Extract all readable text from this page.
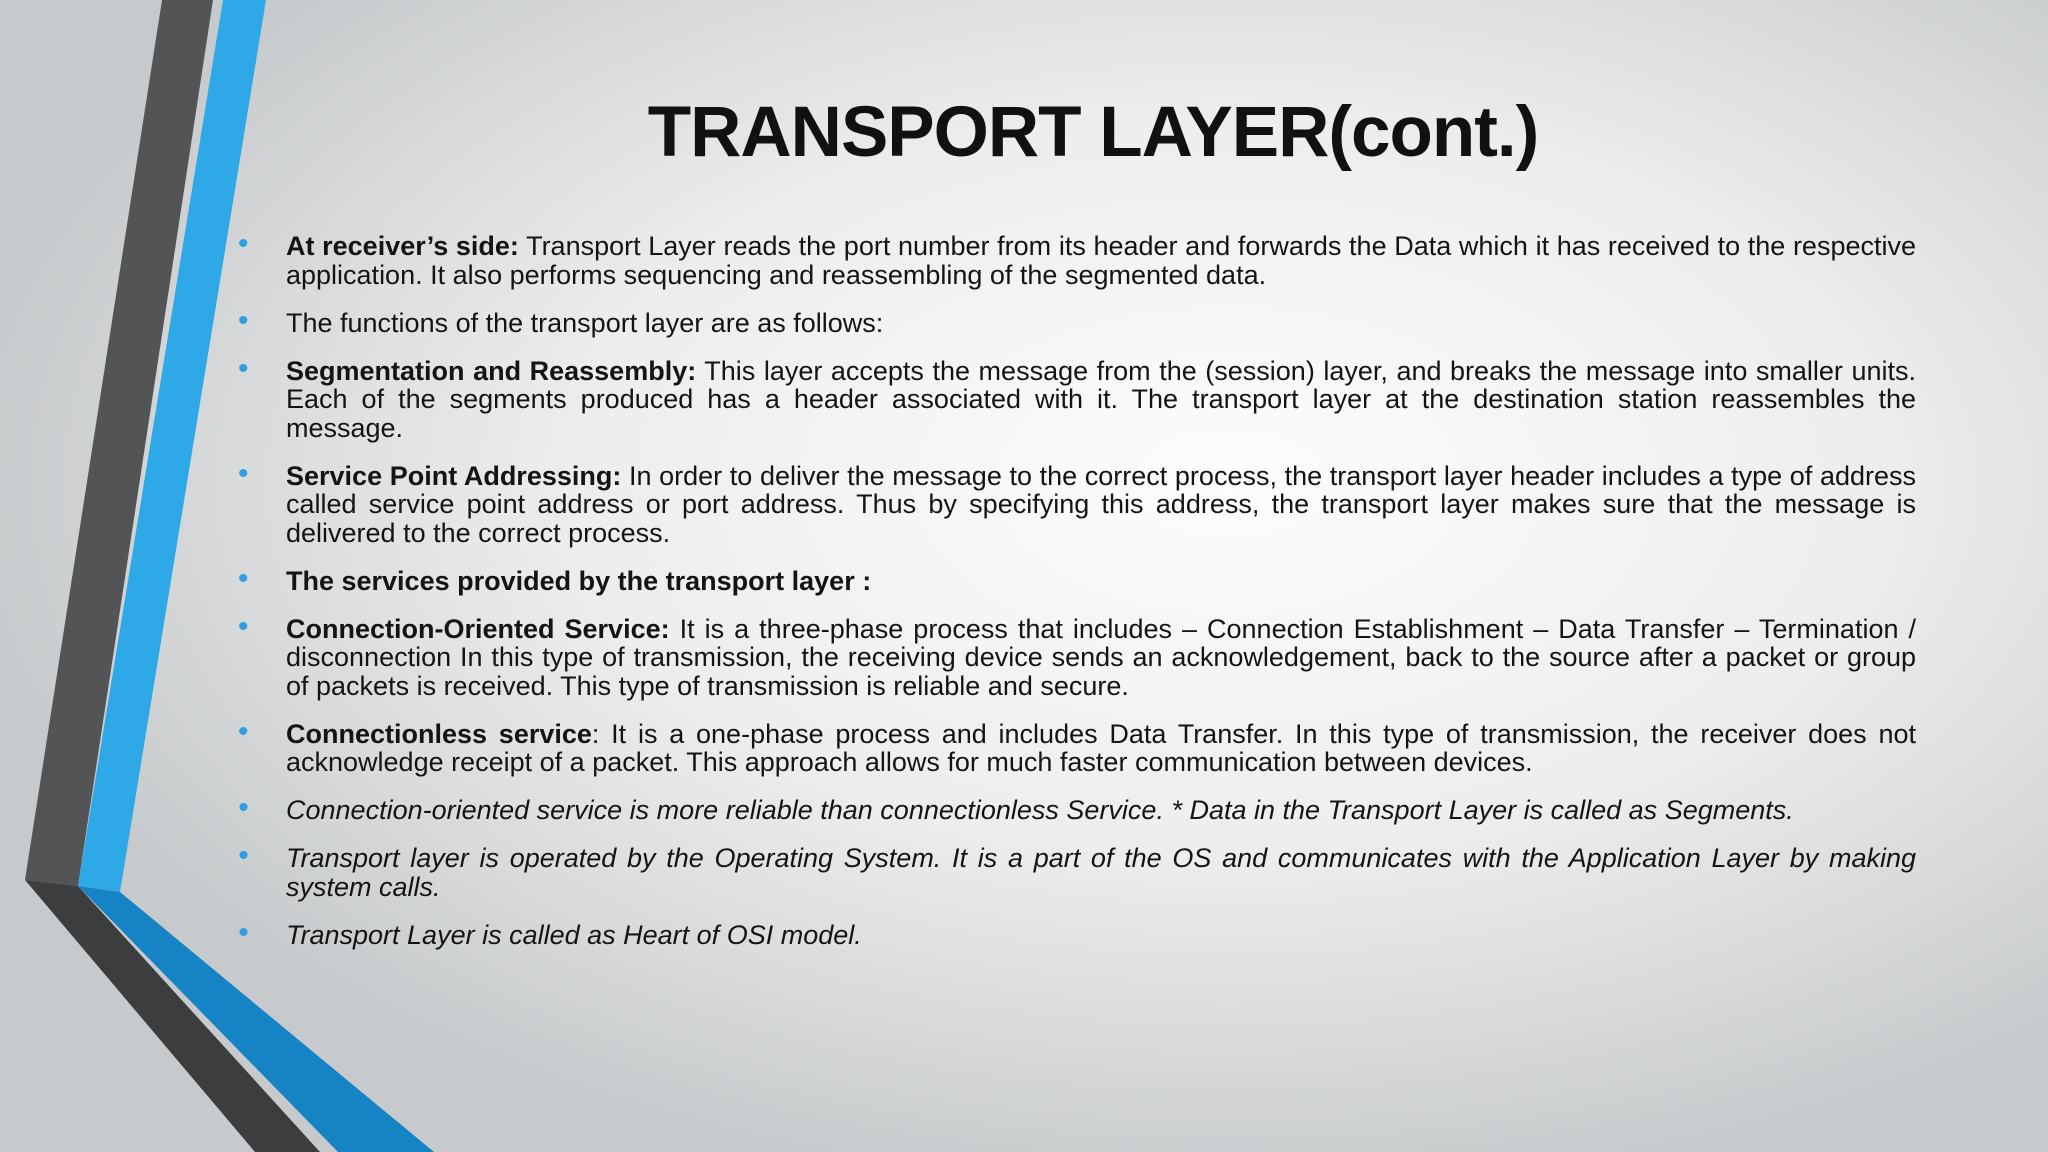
TRANSPORT LAYER(cont.)
• At receiver’s side: Transport Layer reads the port number from its header and forwards the Data which it has received to the respective application. It also performs sequencing and reassembling of the segmented data.
• The functions of the transport layer are as follows:
• Segmentation and Reassembly: This layer accepts the message from the (session) layer, and breaks the message into smaller units. Each of the segments produced has a header associated with it. The transport layer at the destination station reassembles the message.
• Service Point Addressing: In order to deliver the message to the correct process, the transport layer header includes a type of address called service point address or port address. Thus by specifying this address, the transport layer makes sure that the message is delivered to the correct process.
• The services provided by the transport layer :
• Connection-Oriented Service: It is a three-phase process that includes – Connection Establishment – Data Transfer – Termination / disconnection In this type of transmission, the receiving device sends an acknowledgement, back to the source after a packet or group of packets is received. This type of transmission is reliable and secure.
• Connectionless service: It is a one-phase process and includes Data Transfer. In this type of transmission, the receiver does not acknowledge receipt of a packet. This approach allows for much faster communication between devices.
• Connection-oriented service is more reliable than connectionless Service. * Data in the Transport Layer is called as Segments.
• Transport layer is operated by the Operating System. It is a part of the OS and communicates with the Application Layer by making system calls.
• Transport Layer is called as Heart of OSI model.
